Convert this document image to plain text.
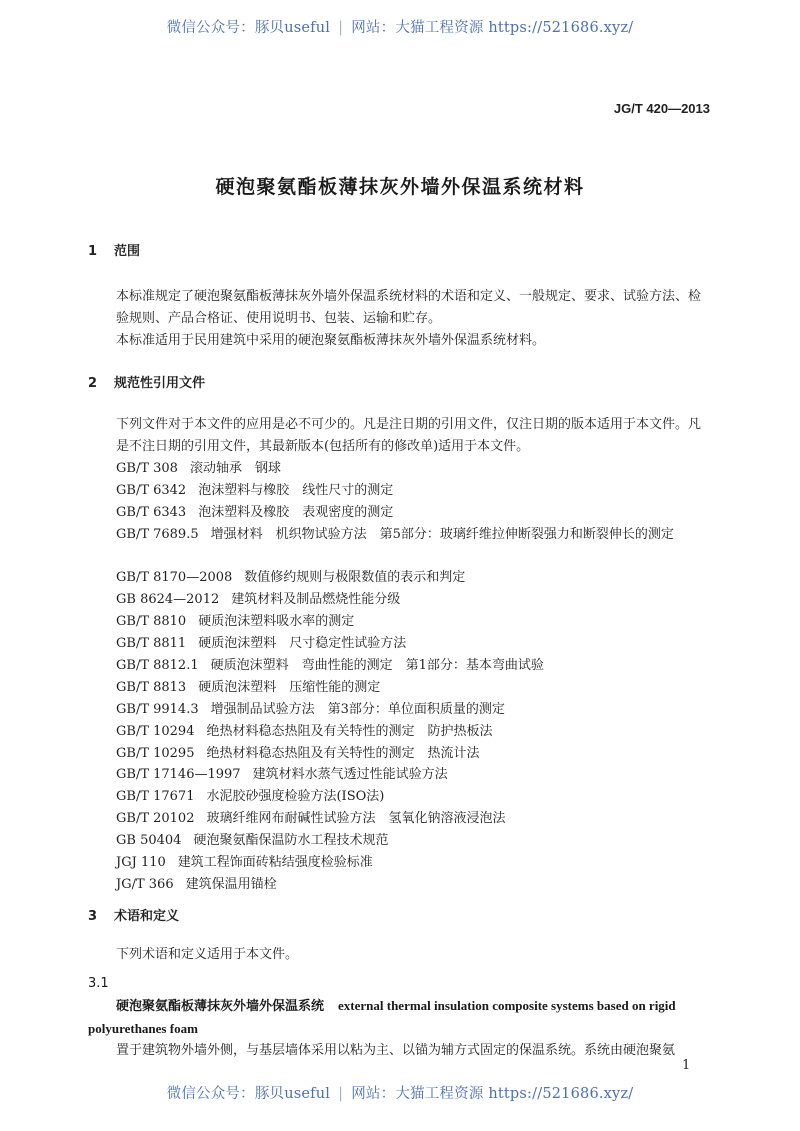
微信公众号：豚贝useful | 网站：大猫工程资源 https://521686.xyz/
JG/T 420—2013
硬泡聚氨酯板薄抹灰外墙外保温系统材料
1 范围
本标准规定了硬泡聚氨酯板薄抹灰外墙外保温系统材料的术语和定义、一般规定、要求、试验方法、检验规则、产品合格证、使用说明书、包装、运输和贮存。
本标准适用于民用建筑中采用的硬泡聚氨酯板薄抹灰外墙外保温系统材料。
2 规范性引用文件
下列文件对于本文件的应用是必不可少的。凡是注日期的引用文件，仅注日期的版本适用于本文件。凡是不注日期的引用文件，其最新版本(包括所有的修改单)适用于本文件。
GB/T 308 滚动轴承　钢球
GB/T 6342 泡沫塑料与橡胶　线性尺寸的测定
GB/T 6343 泡沫塑料及橡胶　表观密度的测定
GB/T 7689.5 增强材料　机织物试验方法　第5部分：玻璃纤维拉伸断裂强力和断裂伸长的测定
GB/T 8170—2008 数值修约规则与极限数值的表示和判定
GB 8624—2012 建筑材料及制品燃烧性能分级
GB/T 8810 硬质泡沫塑料吸水率的测定
GB/T 8811 硬质泡沫塑料　尺寸稳定性试验方法
GB/T 8812.1 硬质泡沫塑料　弯曲性能的测定　第1部分：基本弯曲试验
GB/T 8813 硬质泡沫塑料　压缩性能的测定
GB/T 9914.3 增强制品试验方法　第3部分：单位面积质量的测定
GB/T 10294 绝热材料稳态热阻及有关特性的测定　防护热板法
GB/T 10295 绝热材料稳态热阻及有关特性的测定　热流计法
GB/T 17146—1997 建筑材料水蒸气透过性能试验方法
GB/T 17671 水泥胶砂强度检验方法(ISO法)
GB/T 20102 玻璃纤维网布耐碱性试验方法　氢氧化钠溶液浸泡法
GB 50404 硬泡聚氨酯保温防水工程技术规范
JGJ 110 建筑工程饰面砖粘结强度检验标准
JG/T 366 建筑保温用锚栓
3 术语和定义
下列术语和定义适用于本文件。
3.1
硬泡聚氨酯板薄抹灰外墙外保温系统 external thermal insulation composite systems based on rigid polyurethanes foam
置于建筑物外墙外侧，与基层墙体采用以粘为主、以锚为辅方式固定的保温系统。系统由硬泡聚氨
1
微信公众号：豚贝useful | 网站：大猫工程资源 https://521686.xyz/
